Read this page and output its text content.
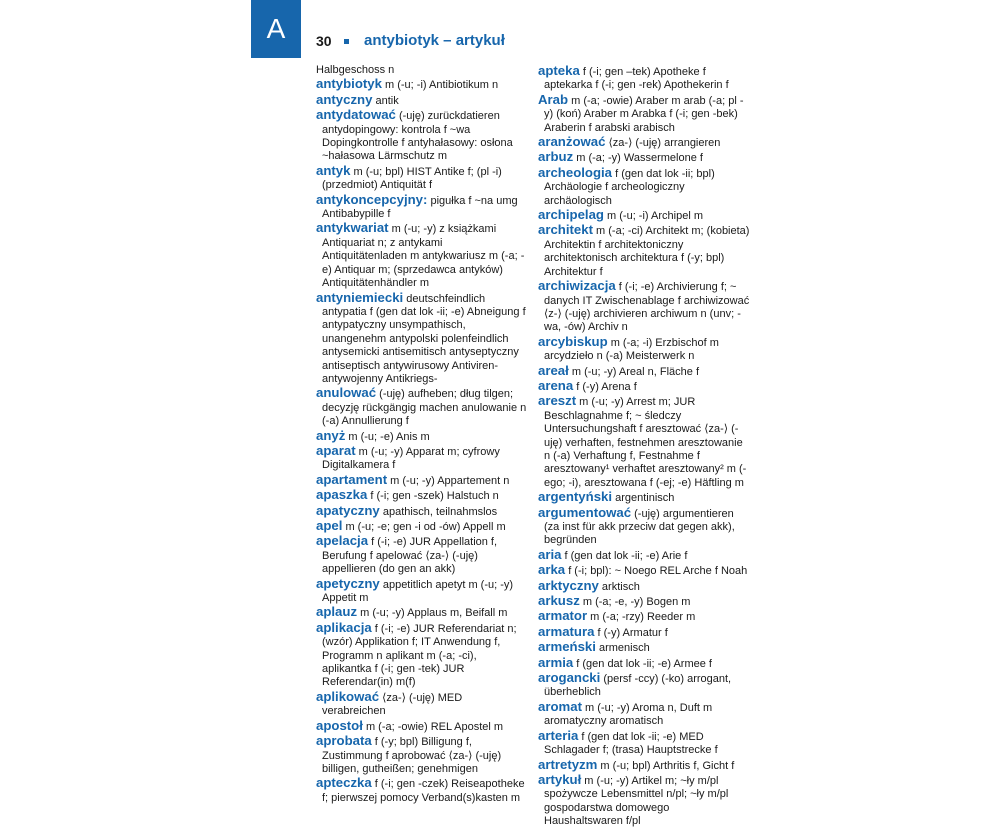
A	30 antybiotyk – artykuł

Halbgeschoss n

antybiotyk m (-u; -i) Antibiotikum n

antyczny antik

antydatować (-uję) zurückdatieren antydopingowy: kontrola f ~wa Dopingkontrolle f antyhałasowy: osłona ~hałasowa Lärmschutz m

antyk m (-u; bpl) HIST Antike f; (pl -i) (przedmiot) Antiquität f

antykoncepcyjny: pigułka f ~na umg Antibabypille f

antykwariat m (-u; -y) z książkami Antiquariat n; z antykami Antiquitätenladen m antykwariusz m (-a; -e) Antiquar m; (sprzedawca antyków) Antiquitätenhändler m

antyniemiecki deutschfeindlich antypatia f (gen dat lok -ii; -e) Abneigung f antypatyczny unsympathisch, unangenehm antypolski polenfeindlich antysemicki antisemitisch antyseptyczny antiseptisch antywirusowy Antiviren- antywojenny Antikriegs-

anulować (-uję) aufheben; dług tilgen; decyzję rückgängig machen anulowanie n (-a) Annullierung f

anyż m (-u; -e) Anis m

aparat m (-u; -y) Apparat m; cyfrowy Digitalkamera f

apartament m (-u; -y) Appartement n

apaszka f (-i; gen -szek) Halstuch n

apatyczny apathisch, teilnahmslos

apel m (-u; -e; gen -i od -ów) Appell m

apelacja f (-i; -e) JUR Appellation f, Berufung f apelować ⟨za-⟩ (-uję) appellieren (do gen an akk)

apetyczny appetitlich apetyt m (-u; -y) Appetit m

aplauz m (-u; -y) Applaus m, Beifall m

aplikacja f (-i; -e) JUR Referendariat n; (wzór) Applikation f; IT Anwendung f, Programm n aplikant m (-a; -ci), aplikantka f (-i; gen -tek) JUR Referendar(in) m(f)

aplikować ⟨za-⟩ (-uję) MED verabreichen

apostoł m (-a; -owie) REL Apostel m

aprobata f (-y; bpl) Billigung f, Zustimmung f aprobować ⟨za-⟩ (-uję) billigen, gutheißen; genehmigen

apteczka f (-i; gen -czek) Reiseapotheke f; pierwszej pomocy Verband(s)kasten m

apteka f (-i; gen –tek) Apotheke f aptekarka f (-i; gen -rek) Apothekerin f

Arab m (-a; -owie) Araber m arab (-a; pl -y) (koń) Araber m Arabka f (-i; gen -bek) Araberin f arabski arabisch

aranżować ⟨za-⟩ (-uję) arrangieren

arbuz m (-a; -y) Wassermelone f

archeologia f (gen dat lok -ii; bpl) Archäologie f archeologiczny archäologisch

archipelag m (-u; -i) Archipel m

architekt m (-a; -ci) Architekt m; (kobieta) Architektin f architektoniczny architektonisch architektura f (-y; bpl) Architektur f

archiwizacja f (-i; -e) Archivierung f; ~ danych IT Zwischenablage f archiwizować ⟨z-⟩ (-uję) archivieren archiwum n (unv; -wa, -ów) Archiv n

arcybiskup m (-a; -i) Erzbischof m arcydzieło n (-a) Meisterwerk n

areał m (-u; -y) Areal n, Fläche f

arena f (-y) Arena f

areszt m (-u; -y) Arrest m; JUR Beschlagnahme f; ~ śledczy Untersuchungshaft f aresztować ⟨za-⟩ (-uję) verhaften, festnehmen aresztowanie n (-a) Verhaftung f, Festnahme f aresztowany¹ verhaftet aresztowany² m (-ego; -i), aresztowana f (-ej; -e) Häftling m

argentyński argentinisch

argumentować (-uję) argumentieren (za inst für akk przeciw dat gegen akk), begründen

aria f (gen dat lok -ii; -e) Arie f

arka f (-i; bpl): ~ Noego REL Arche f Noah

arktyczny arktisch

arkusz m (-a; -e, -y) Bogen m

armator m (-a; -rzy) Reeder m

armatura f (-y) Armatur f

armeński armenisch

armia f (gen dat lok -ii; -e) Armee f

arogancki (persf -ccy) (-ko) arrogant, überheblich

aromat m (-u; -y) Aroma n, Duft m aromatyczny aromatisch

arteria f (gen dat lok -ii; -e) MED Schlagader f; (trasa) Hauptstrecke f

artretyzm m (-u; bpl) Arthritis f, Gicht f

artykuł m (-u; -y) Artikel m; ~ły m/pl spożywcze Lebensmittel n/pl; ~ły m/pl gospodarstwa domowego Haushaltswaren f/pl
